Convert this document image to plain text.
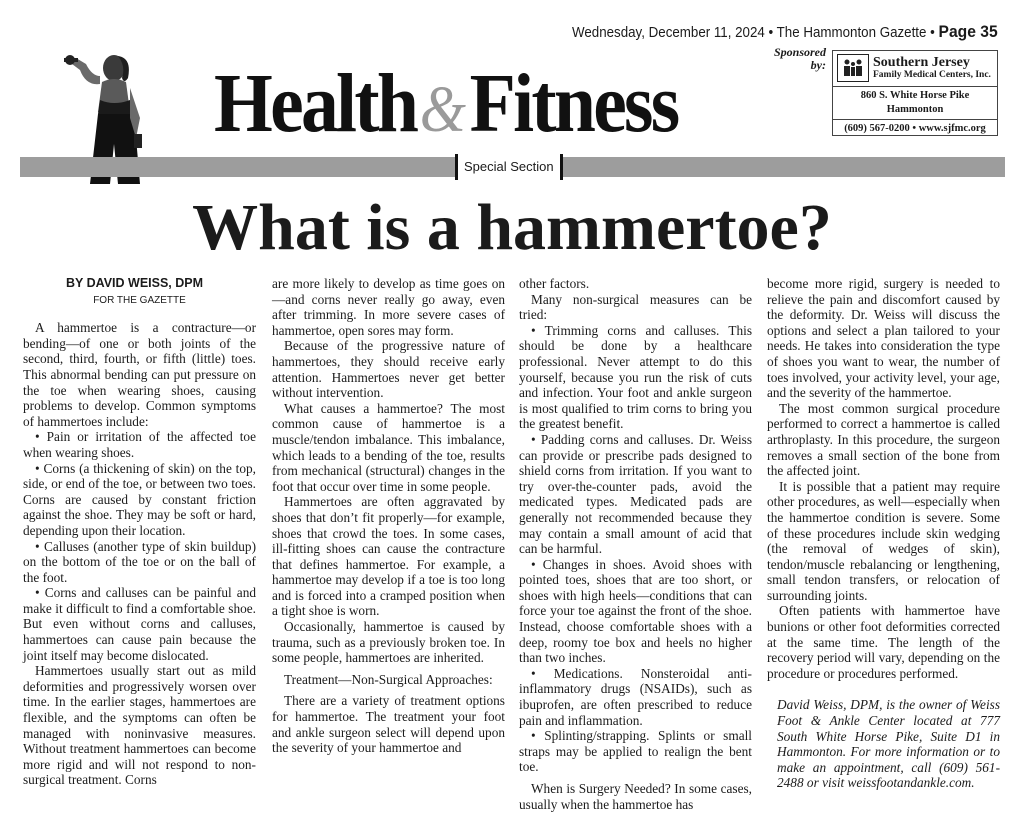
Wednesday, December 11, 2024 • The Hammonton Gazette • Page 35
Health&Fitness
Special Section
Sponsored
by:	Southern Jersey
Family Medical Centers, Inc.
860 S. White Horse Pike
Hammonton
(609) 567-0200 • www.sjfmc.org
What is a hammertoe?
BY DAVID WEISS, DPM
FOR THE GAZETTE

A hammertoe is a contracture—or bending—of one or both joints of the second, third, fourth, or fifth (little) toes. This abnormal bending can put pressure on the toe when wearing shoes, causing problems to develop. Common symptoms of hammertoes include:

• Pain or irritation of the affected toe when wearing shoes.

• Corns (a thickening of skin) on the top, side, or end of the toe, or between two toes. Corns are caused by constant friction against the shoe. They may be soft or hard, depending upon their location.

• Calluses (another type of skin buildup) on the bottom of the toe or on the ball of the foot.

• Corns and calluses can be painful and make it difficult to find a comfortable shoe. But even without corns and calluses, hammertoes can cause pain because the joint itself may become dislocated.

Hammertoes usually start out as mild deformities and progressively worsen over time. In the earlier stages, hammertoes are flexible, and the symptoms can often be managed with noninvasive measures. Without treatment hammertoes can become more rigid and will not respond to non-surgical treatment. Corns

are more likely to develop as time goes on—and corns never really go away, even after trimming. In more severe cases of hammertoe, open sores may form.

Because of the progressive nature of hammertoes, they should receive early attention. Hammertoes never get better without intervention.

What causes a hammertoe? The most common cause of hammertoe is a muscle/tendon imbalance. This imbalance, which leads to a bending of the toe, results from mechanical (structural) changes in the foot that occur over time in some people.

Hammertoes are often aggravated by shoes that don’t fit properly—for example, shoes that crowd the toes. In some cases, ill-fitting shoes can cause the contracture that defines hammertoe. For example, a hammertoe may develop if a toe is too long and is forced into a cramped position when a tight shoe is worn.

Occasionally, hammertoe is caused by trauma, such as a previously broken toe. In some people, hammertoes are inherited.

Treatment—Non-Surgical Approaches:

There are a variety of treatment options for hammertoe. The treatment your foot and ankle surgeon select will depend upon the severity of your hammertoe and

other factors.

Many non-surgical measures can be tried:

• Trimming corns and calluses. This should be done by a healthcare professional. Never attempt to do this yourself, because you run the risk of cuts and infection. Your foot and ankle surgeon is most qualified to trim corns to bring you the greatest benefit.

• Padding corns and calluses. Dr. Weiss can provide or prescribe pads designed to shield corns from irritation. If you want to try over-the-counter pads, avoid the medicated types. Medicated pads are generally not recommended because they may contain a small amount of acid that can be harmful.

• Changes in shoes. Avoid shoes with pointed toes, shoes that are too short, or shoes with high heels—conditions that can force your toe against the front of the shoe. Instead, choose comfortable shoes with a deep, roomy toe box and heels no higher than two inches.

• Medications. Nonsteroidal anti-inflammatory drugs (NSAIDs), such as ibuprofen, are often prescribed to reduce pain and inflammation.

• Splinting/strapping. Splints or small straps may be applied to realign the bent toe.

When is Surgery Needed? In some cases, usually when the hammertoe has

become more rigid, surgery is needed to relieve the pain and discomfort caused by the deformity. Dr. Weiss will discuss the options and select a plan tailored to your needs. He takes into consideration the type of shoes you want to wear, the number of toes involved, your activity level, your age, and the severity of the hammertoe.

The most common surgical procedure performed to correct a hammertoe is called arthroplasty. In this procedure, the surgeon removes a small section of the bone from the affected joint.

It is possible that a patient may require other procedures, as well—especially when the hammertoe condition is severe. Some of these procedures include skin wedging (the removal of wedges of skin), tendon/muscle rebalancing or lengthening, small tendon transfers, or relocation of surrounding joints.

Often patients with hammertoe have bunions or other foot deformities corrected at the same time. The length of the recovery period will vary, depending on the procedure or procedures performed.

David Weiss, DPM, is the owner of Weiss Foot & Ankle Center located at 777 South White Horse Pike, Suite D1 in Hammonton. For more information or to make an appointment, call (609) 561-2488 or visit weissfootandankle.com.
